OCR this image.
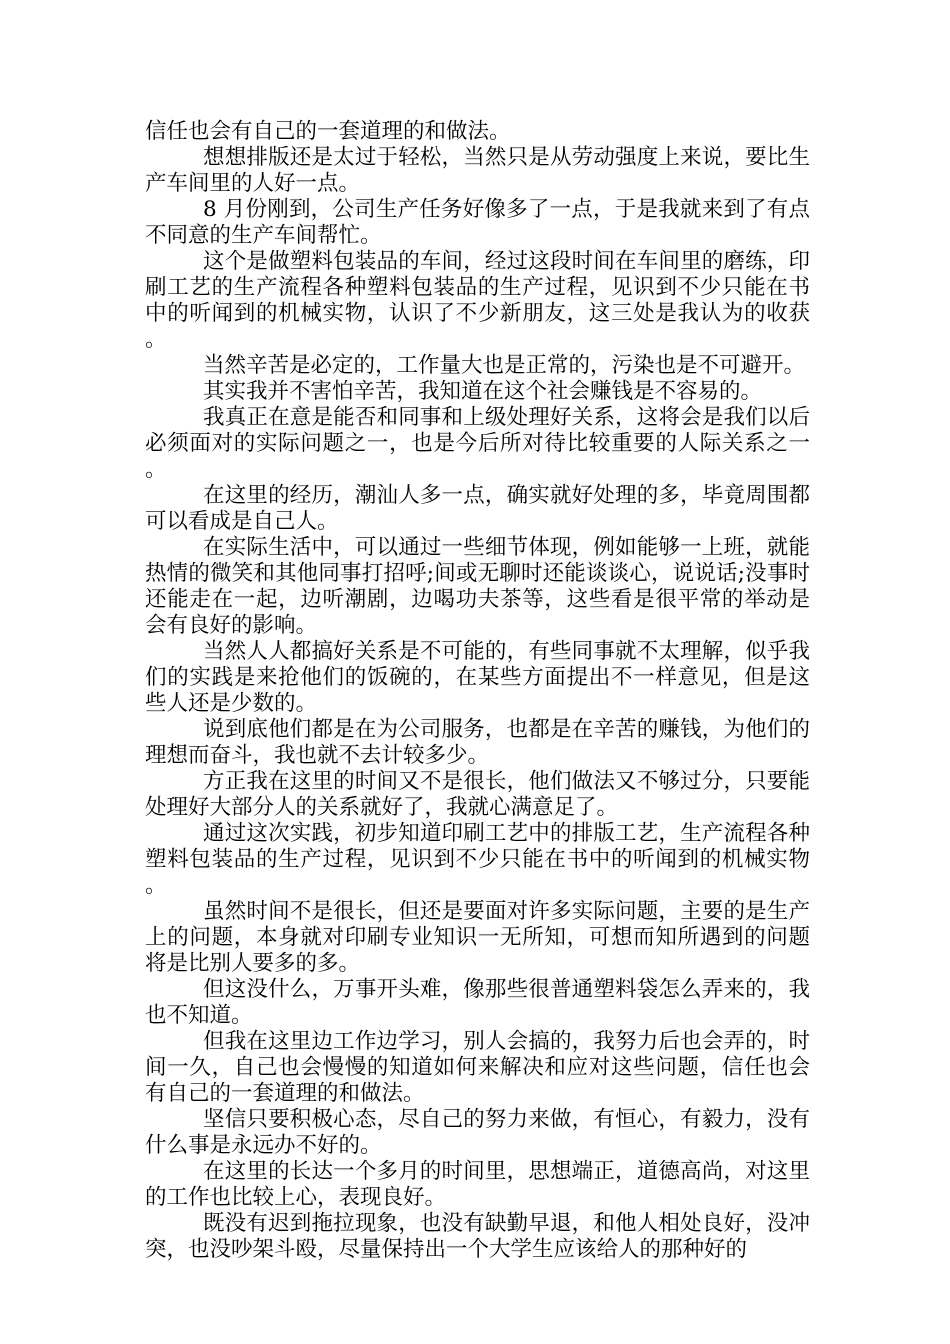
信任也会有自己的一套道理的和做法。

想想排版还是太过于轻松，当然只是从劳动强度上来说，要比生产车间里的人好一点。

8 月份刚到，公司生产任务好像多了一点，于是我就来到了有点不同意的生产车间帮忙。

这个是做塑料包装品的车间，经过这段时间在车间里的磨练，印刷工艺的生产流程各种塑料包装品的生产过程，见识到不少只能在书中的听闻到的机械实物，认识了不少新朋友，这三处是我认为的收获。

当然辛苦是必定的，工作量大也是正常的，污染也是不可避开。

其实我并不害怕辛苦，我知道在这个社会赚钱是不容易的。

我真正在意是能否和同事和上级处理好关系，这将会是我们以后必须面对的实际问题之一，也是今后所对待比较重要的人际关系之一。

在这里的经历，潮汕人多一点，确实就好处理的多，毕竟周围都可以看成是自己人。

在实际生活中，可以通过一些细节体现，例如能够一上班，就能热情的微笑和其他同事打招呼;间或无聊时还能谈谈心，说说话;没事时还能走在一起，边听潮剧，边喝功夫茶等，这些看是很平常的举动是会有良好的影响。

当然人人都搞好关系是不可能的，有些同事就不太理解，似乎我们的实践是来抢他们的饭碗的，在某些方面提出不一样意见，但是这些人还是少数的。

说到底他们都是在为公司服务，也都是在辛苦的赚钱，为他们的理想而奋斗，我也就不去计较多少。

方正我在这里的时间又不是很长，他们做法又不够过分，只要能处理好大部分人的关系就好了，我就心满意足了。

通过这次实践，初步知道印刷工艺中的排版工艺，生产流程各种塑料包装品的生产过程，见识到不少只能在书中的听闻到的机械实物。

虽然时间不是很长，但还是要面对许多实际问题，主要的是生产上的问题，本身就对印刷专业知识一无所知，可想而知所遇到的问题将是比别人要多的多。

但这没什么，万事开头难，像那些很普通塑料袋怎么弄来的，我也不知道。

但我在这里边工作边学习，别人会搞的，我努力后也会弄的，时间一久，自己也会慢慢的知道如何来解决和应对这些问题，信任也会有自己的一套道理的和做法。

坚信只要积极心态，尽自己的努力来做，有恒心，有毅力，没有什么事是永远办不好的。

在这里的长达一个多月的时间里，思想端正，道德高尚，对这里的工作也比较上心，表现良好。

既没有迟到拖拉现象，也没有缺勤早退，和他人相处良好，没冲突，也没吵架斗殴，尽量保持出一个大学生应该给人的那种好的
